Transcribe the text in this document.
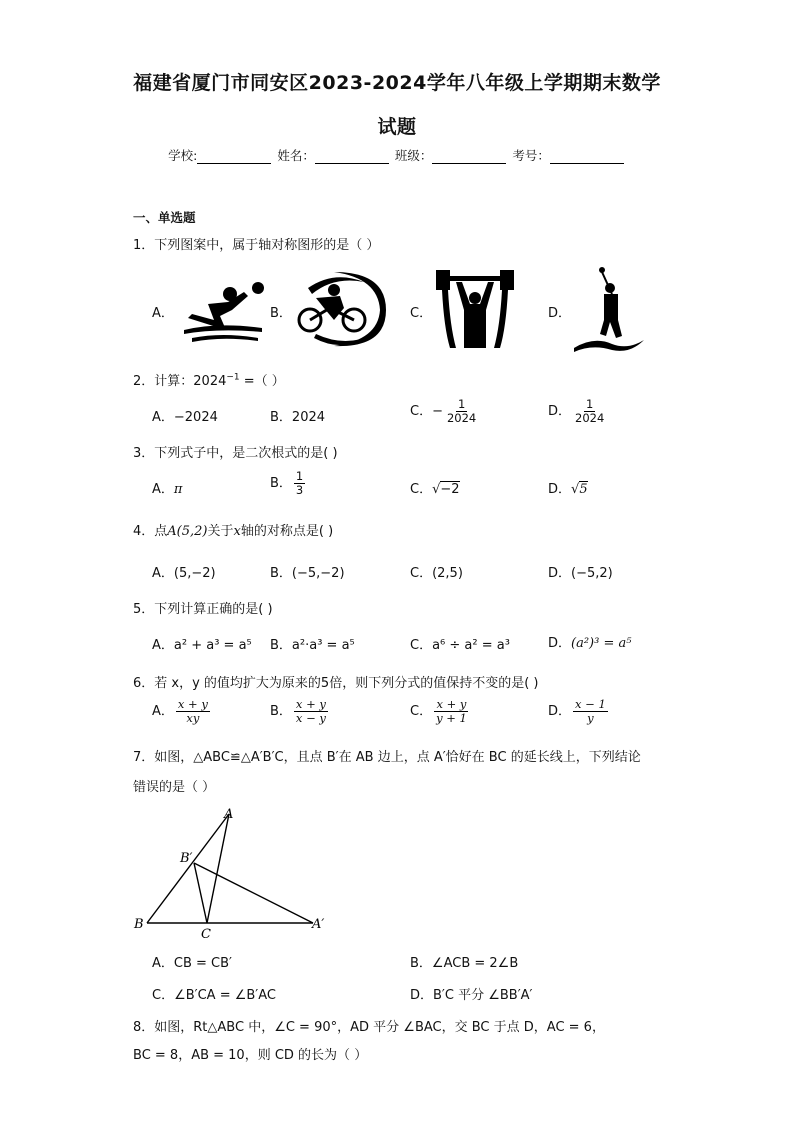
福建省厦门市同安区2023-2024学年八年级上学期期末数学
试题
学校:	姓名：	班级：	考号：
一、单选题
1．下列图案中，属于轴对称图形的是（ ）
A．	B．	C．	D．
2．计算：$2024^{-1}$ =（ ）
A．−2024	B．2024	C．− $\frac{1}{2024}$	D． $\frac{1}{2024}$
3．下列式子中，是二次根式的是( )
A．π	B． $\frac{1}{3}$	C．√−2	D．√5
4．点A(5,2)关于x轴的对称点是( )
A．(5,−2)	B．(−5,−2)	C．(2,5)	D．(−5,2)
5．下列计算正确的是( )
A．a² + a³ = a⁵ B．a²·a³ = a⁵	C．a⁶ ÷ a² = a³	D．(a²)³ = a⁵
6．若 x，y 的值均扩大为原来的5倍，则下列分式的值保持不变的是( )
A． $\frac{x + y}{xy}$	B． $\frac{x + y}{x - y}$	C． $\frac{x + y}{y + 1}$	D． $\frac{x - 1}{y}$
7．如图，△ABC≌△A′B′C，且点 B′在 AB 边上，点 A′恰好在 BC 的延长线上，下列结论
错误的是（ ）
A
B′
B
C
A′
A．CB = CB′	B．∠ACB = 2∠B
C．∠B′CA = ∠B′AC	D．B′C 平分 ∠BB′A′
8．如图，Rt△ABC 中，∠C = 90°，AD 平分 ∠BAC，交 BC 于点 D，AC = 6，
BC = 8，AB = 10，则 CD 的长为（ ）
